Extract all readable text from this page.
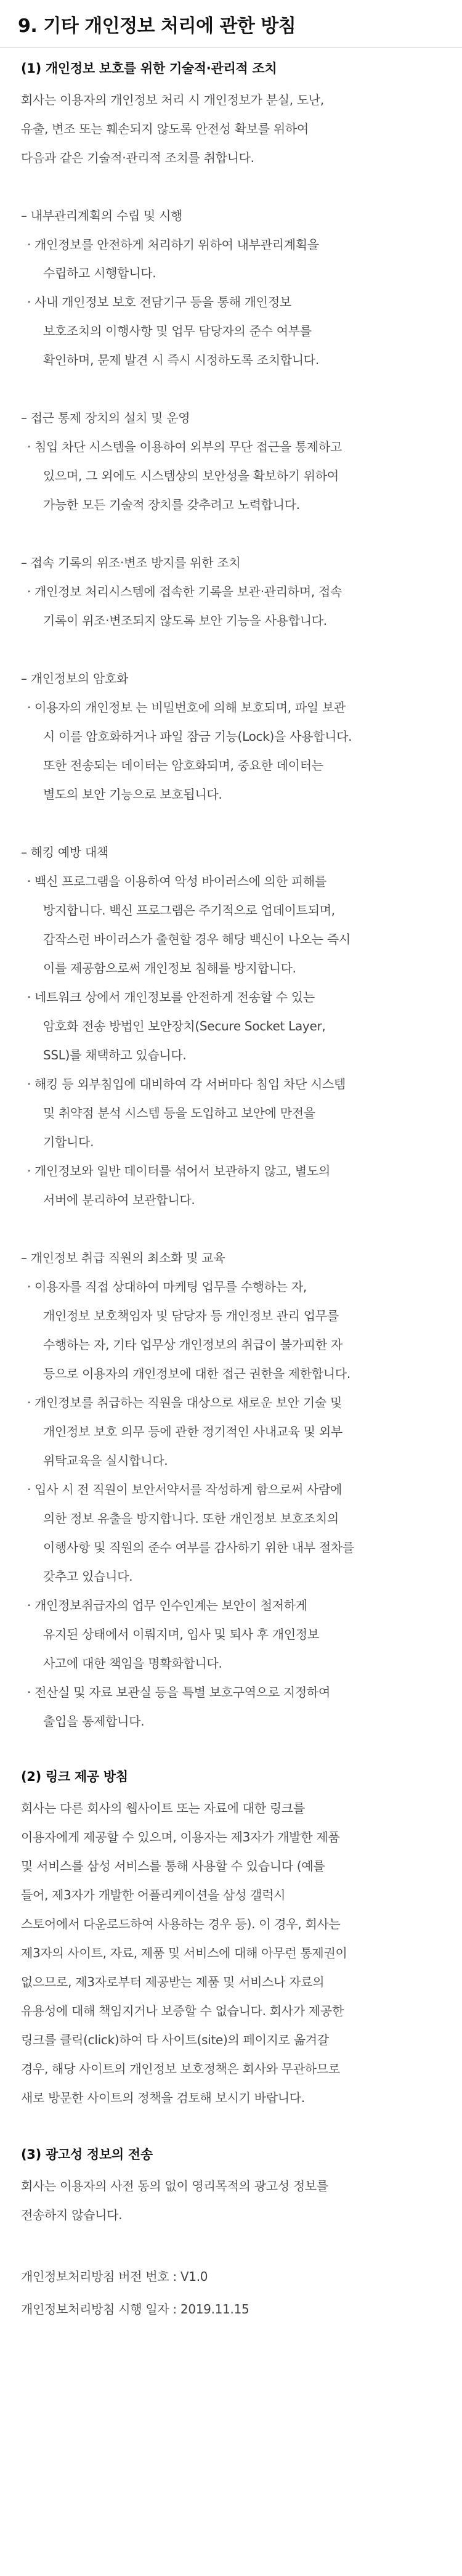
9. 기타 개인정보 처리에 관한 방침
(1) 개인정보 보호를 위한 기술적·관리적 조치
회사는 이용자의 개인정보 처리 시 개인정보가 분실, 도난,
유출, 변조 또는 훼손되지 않도록 안전성 확보를 위하여
다음과 같은 기술적·관리적 조치를 취합니다.
– 내부관리계획의 수립 및 시행
· 개인정보를 안전하게 처리하기 위하여 내부관리계획을
수립하고 시행합니다.
· 사내 개인정보 보호 전담기구 등을 통해 개인정보
보호조치의 이행사항 및 업무 담당자의 준수 여부를
확인하며, 문제 발견 시 즉시 시정하도록 조치합니다.
– 접근 통제 장치의 설치 및 운영
· 침입 차단 시스템을 이용하여 외부의 무단 접근을 통제하고
있으며, 그 외에도 시스템상의 보안성을 확보하기 위하여
가능한 모든 기술적 장치를 갖추려고 노력합니다.
– 접속 기록의 위조·변조 방지를 위한 조치
· 개인정보 처리시스템에 접속한 기록을 보관·관리하며, 접속
기록이 위조·변조되지 않도록 보안 기능을 사용합니다.
– 개인정보의 암호화
· 이용자의 개인정보 는 비밀번호에 의해 보호되며, 파일 보관
시 이를 암호화하거나 파일 잠금 기능(Lock)을 사용합니다.
또한 전송되는 데이터는 암호화되며, 중요한 데이터는
별도의 보안 기능으로 보호됩니다.
– 해킹 예방 대책
· 백신 프로그램을 이용하여 악성 바이러스에 의한 피해를
방지합니다. 백신 프로그램은 주기적으로 업데이트되며,
갑작스런 바이러스가 출현할 경우 해당 백신이 나오는 즉시
이를 제공함으로써 개인정보 침해를 방지합니다.
· 네트워크 상에서 개인정보를 안전하게 전송할 수 있는
암호화 전송 방법인 보안장치(Secure Socket Layer,
SSL)를 채택하고 있습니다.
· 해킹 등 외부침입에 대비하여 각 서버마다 침입 차단 시스템
및 취약점 분석 시스템 등을 도입하고 보안에 만전을
기합니다.
· 개인정보와 일반 데이터를 섞어서 보관하지 않고, 별도의
서버에 분리하여 보관합니다.
– 개인정보 취급 직원의 최소화 및 교육
· 이용자를 직접 상대하여 마케팅 업무를 수행하는 자,
개인정보 보호책임자 및 담당자 등 개인정보 관리 업무를
수행하는 자, 기타 업무상 개인정보의 취급이 불가피한 자
등으로 이용자의 개인정보에 대한 접근 권한을 제한합니다.
· 개인정보를 취급하는 직원을 대상으로 새로운 보안 기술 및
개인정보 보호 의무 등에 관한 정기적인 사내교육 및 외부
위탁교육을 실시합니다.
· 입사 시 전 직원이 보안서약서를 작성하게 함으로써 사람에
의한 정보 유출을 방지합니다. 또한 개인정보 보호조치의
이행사항 및 직원의 준수 여부를 감사하기 위한 내부 절차를
갖추고 있습니다.
· 개인정보취급자의 업무 인수인계는 보안이 철저하게
유지된 상태에서 이뤄지며, 입사 및 퇴사 후 개인정보
사고에 대한 책임을 명확화합니다.
· 전산실 및 자료 보관실 등을 특별 보호구역으로 지정하여
출입을 통제합니다.
(2) 링크 제공 방침
회사는 다른 회사의 웹사이트 또는 자료에 대한 링크를
이용자에게 제공할 수 있으며, 이용자는 제3자가 개발한 제품
및 서비스를 삼성 서비스를 통해 사용할 수 있습니다 (예를
들어, 제3자가 개발한 어플리케이션을 삼성 갤럭시
스토어에서 다운로드하여 사용하는 경우 등). 이 경우, 회사는
제3자의 사이트, 자료, 제품 및 서비스에 대해 아무런 통제권이
없으므로, 제3자로부터 제공받는 제품 및 서비스나 자료의
유용성에 대해 책임지거나 보증할 수 없습니다. 회사가 제공한
링크를 클릭(click)하여 타 사이트(site)의 페이지로 옮겨갈
경우, 해당 사이트의 개인정보 보호정책은 회사와 무관하므로
새로 방문한 사이트의 정책을 검토해 보시기 바랍니다.
(3) 광고성 정보의 전송
회사는 이용자의 사전 동의 없이 영리목적의 광고성 정보를
전송하지 않습니다.
개인정보처리방침 버전 번호 : V1.0
개인정보처리방침 시행 일자 : 2019.11.15
